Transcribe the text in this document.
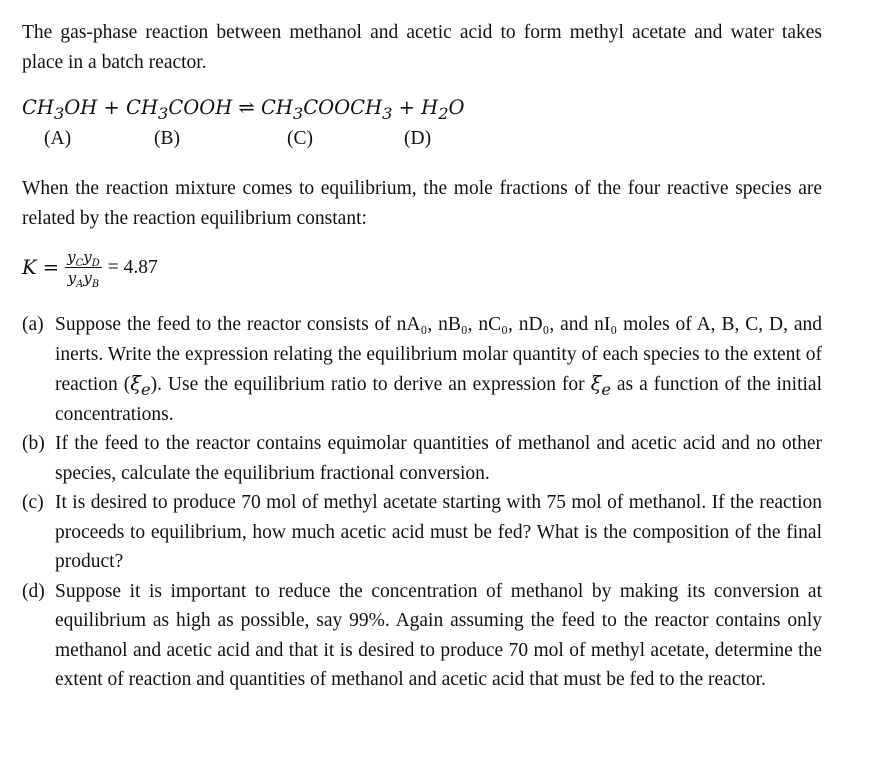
The gas-phase reaction between methanol and acetic acid to form methyl acetate and water takes place in a batch reactor.

$CH_3OH$ + $CH_3COOH$ ⇌ $CH_3COOCH_3 + H_2O$
(A)	(B)	(C)	(D)

When the reaction mixture comes to equilibrium, the mole fractions of the four reactive species are related by the reaction equilibrium constant:

$K = \frac{y_Cy_D}{y_Ay_B} = 4.87$
(a) Suppose the feed to the reactor consists of nA₀, nB₀, nC₀, nD₀, and nI₀ moles of A, B, C, D, and inerts. Write the expression relating the equilibrium molar quantity of each species to the extent of reaction $(\xi_e)$. Use the equilibrium ratio to derive an expression for $\xi_e$ as a function of the initial concentrations.
(b) If the feed to the reactor contains equimolar quantities of methanol and acetic acid and no other species, calculate the equilibrium fractional conversion.
(c) It is desired to produce 70 mol of methyl acetate starting with 75 mol of methanol. If the reaction proceeds to equilibrium, how much acetic acid must be fed? What is the composition of the final product?
(d) Suppose it is important to reduce the concentration of methanol by making its conversion at equilibrium as high as possible, say 99%. Again assuming the feed to the reactor contains only methanol and acetic acid and that it is desired to produce 70 mol of methyl acetate, determine the extent of reaction and quantities of methanol and acetic acid that must be fed to the reactor.
